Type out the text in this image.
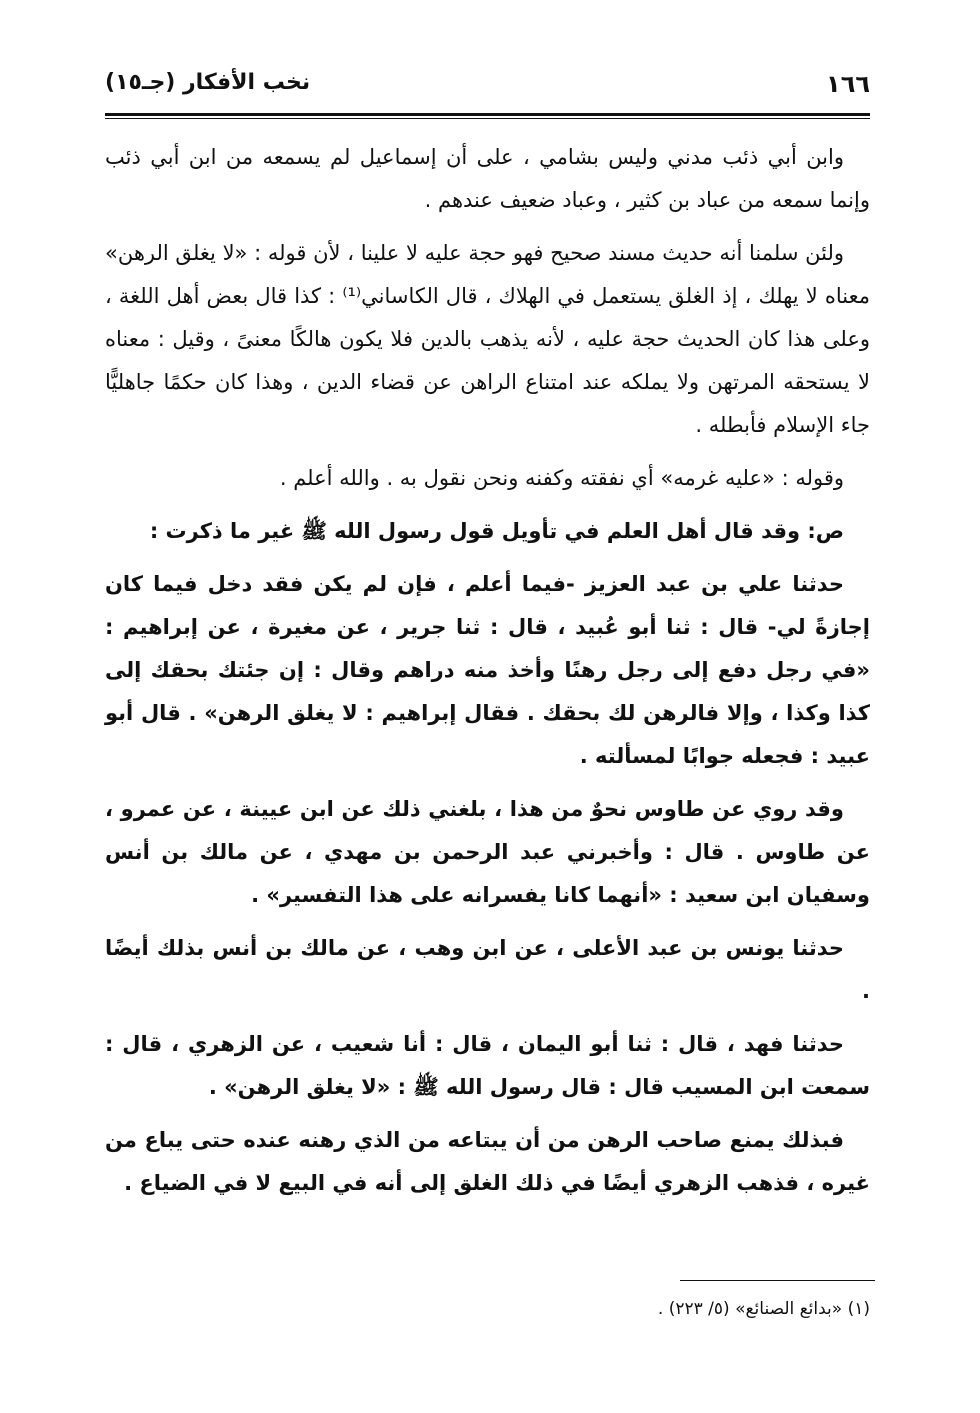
١٦٦
نخب الأفكار (جـ١٥)

وابن أبي ذئب مدني وليس بشامي ، على أن إسماعيل لم يسمعه من ابن أبي ذئب وإنما سمعه من عباد بن كثير ، وعباد ضعيف عندهم .

ولئن سلمنا أنه حديث مسند صحيح فهو حجة عليه لا علينا ، لأن قوله : «لا يغلق الرهن» معناه لا يهلك ، إذ الغلق يستعمل في الهلاك ، قال الكاساني⁽¹⁾ : كذا قال بعض أهل اللغة ، وعلى هذا كان الحديث حجة عليه ، لأنه يذهب بالدين فلا يكون هالكًا معنىً ، وقيل : معناه لا يستحقه المرتهن ولا يملكه عند امتناع الراهن عن قضاء الدين ، وهذا كان حكمًا جاهليًّا جاء الإسلام فأبطله .

وقوله : «عليه غرمه» أي نفقته وكفنه ونحن نقول به . والله أعلم .

ص: وقد قال أهل العلم في تأويل قول رسول الله ﷺ غير ما ذكرت :

حدثنا علي بن عبد العزيز -فيما أعلم ، فإن لم يكن فقد دخل فيما كان إجازةً لي- قال : ثنا أبو عُبيد ، قال : ثنا جرير ، عن مغيرة ، عن إبراهيم : «في رجل دفع إلى رجل رهنًا وأخذ منه دراهم وقال : إن جئتك بحقك إلى كذا وكذا ، وإلا فالرهن لك بحقك . فقال إبراهيم : لا يغلق الرهن» . قال أبو عبيد : فجعله جوابًا لمسألته .

وقد روي عن طاوس نحوٌ من هذا ، بلغني ذلك عن ابن عيينة ، عن عمرو ، عن طاوس . قال : وأخبرني عبد الرحمن بن مهدي ، عن مالك بن أنس وسفيان ابن سعيد : «أنهما كانا يفسرانه على هذا التفسير» .

حدثنا يونس بن عبد الأعلى ، عن ابن وهب ، عن مالك بن أنس بذلك أيضًا .

حدثنا فهد ، قال : ثنا أبو اليمان ، قال : أنا شعيب ، عن الزهري ، قال : سمعت ابن المسيب قال : قال رسول الله ﷺ : «لا يغلق الرهن» .

فبذلك يمنع صاحب الرهن من أن يبتاعه من الذي رهنه عنده حتى يباع من غيره ، فذهب الزهري أيضًا في ذلك الغلق إلى أنه في البيع لا في الضياع .

(١) «بدائع الصنائع» (٥/ ٢٢٣) .
